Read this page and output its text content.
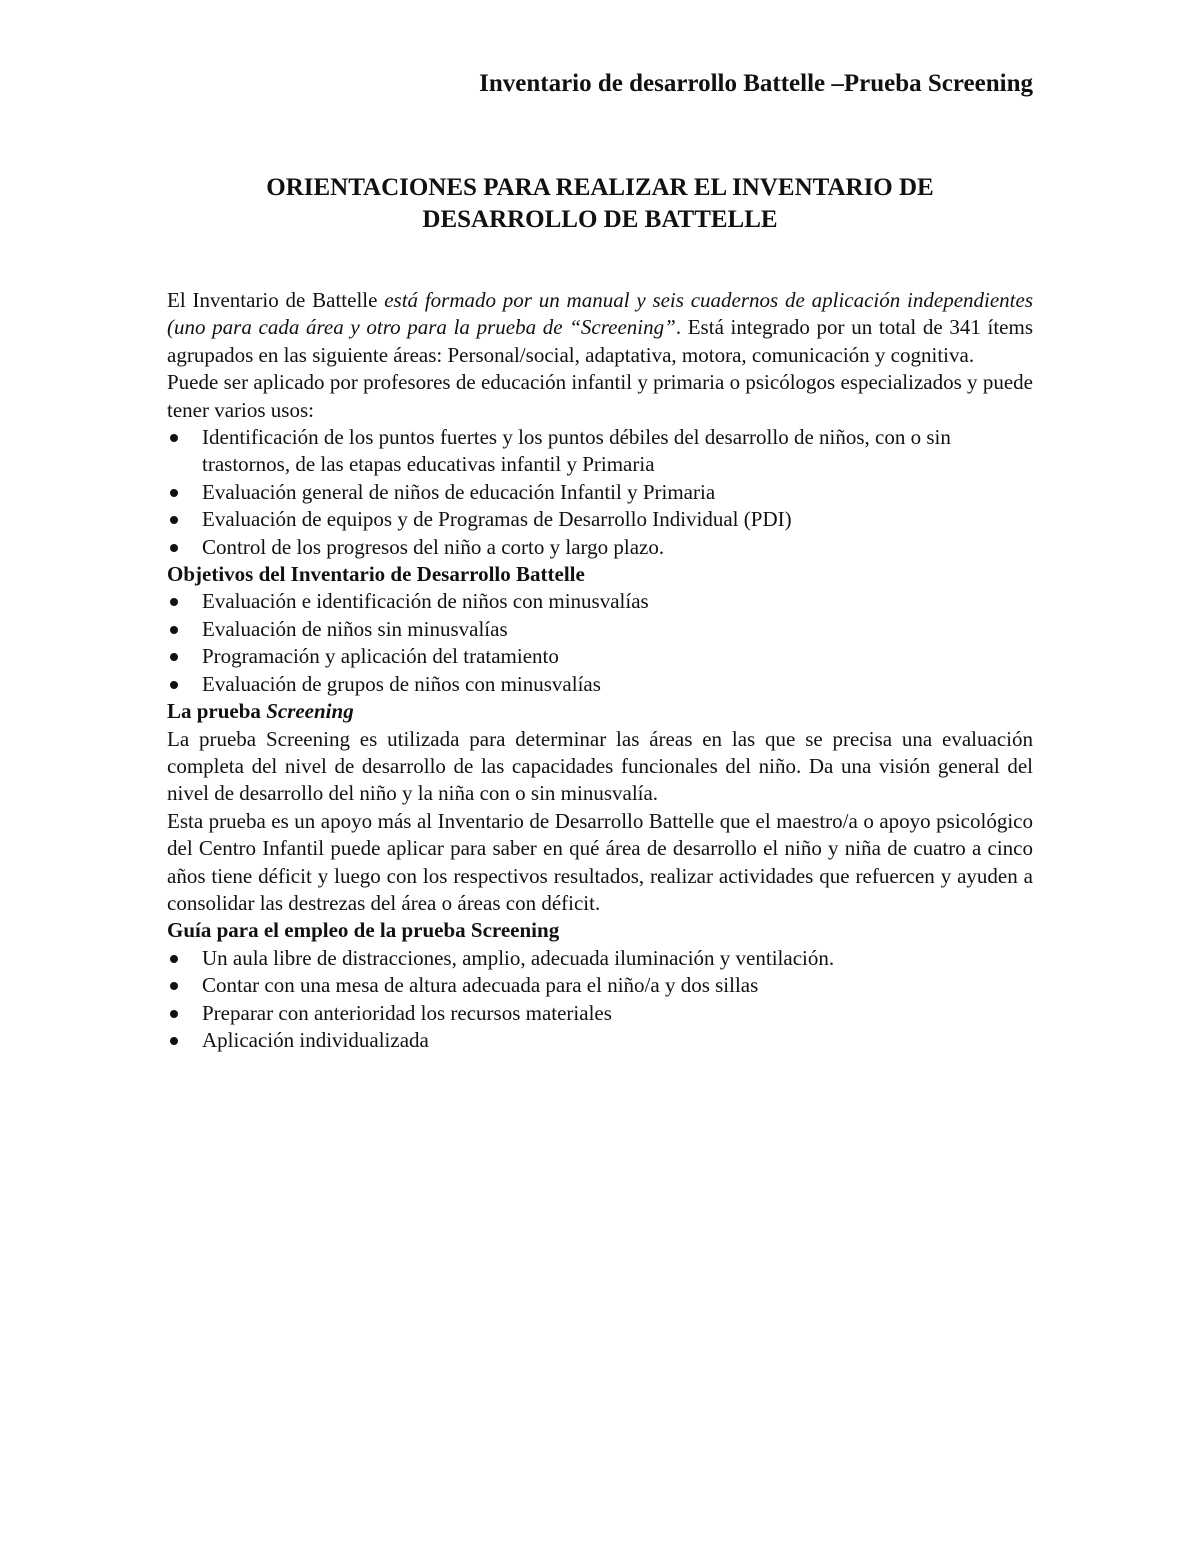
Inventario de desarrollo Battelle –Prueba Screening
ORIENTACIONES PARA REALIZAR EL INVENTARIO DE
DESARROLLO DE BATTELLE

El Inventario de Battelle está formado por un manual y seis cuadernos de aplicación independientes (uno para cada área y otro para la prueba de “Screening”. Está integrado por un total de 341 ítems agrupados en las siguiente áreas: Personal/social, adaptativa, motora, comunicación y cognitiva.

Puede ser aplicado por profesores de educación infantil y primaria o psicólogos especializados y puede tener varios usos:

Identificación de los puntos fuertes y los puntos débiles del desarrollo de niños, con o sin trastornos, de las etapas educativas infantil y Primaria
Evaluación general de niños de educación Infantil y Primaria
Evaluación de equipos y de Programas de Desarrollo Individual (PDI)
Control de los progresos del niño a corto y largo plazo.

Objetivos del Inventario de Desarrollo Battelle

Evaluación e identificación de niños con minusvalías
Evaluación de niños sin minusvalías
Programación y aplicación del tratamiento
Evaluación de grupos de niños con minusvalías

La prueba Screening

La prueba Screening es utilizada para determinar las áreas en las que se precisa una evaluación completa del nivel de desarrollo de las capacidades funcionales del niño. Da una visión general del nivel de desarrollo del niño y la niña con o sin minusvalía.

Esta prueba es un apoyo más al Inventario de Desarrollo Battelle que el maestro/a o apoyo psicológico del Centro Infantil puede aplicar para saber en qué área de desarrollo el niño y niña de cuatro a cinco años tiene déficit y luego con los respectivos resultados, realizar actividades que refuercen y ayuden a consolidar las destrezas del área o áreas con déficit.

Guía para el empleo de la prueba Screening

Un aula libre de distracciones, amplio, adecuada iluminación y ventilación.
Contar con una mesa de altura adecuada para el niño/a y dos sillas
Preparar con anterioridad los recursos materiales
Aplicación individualizada
